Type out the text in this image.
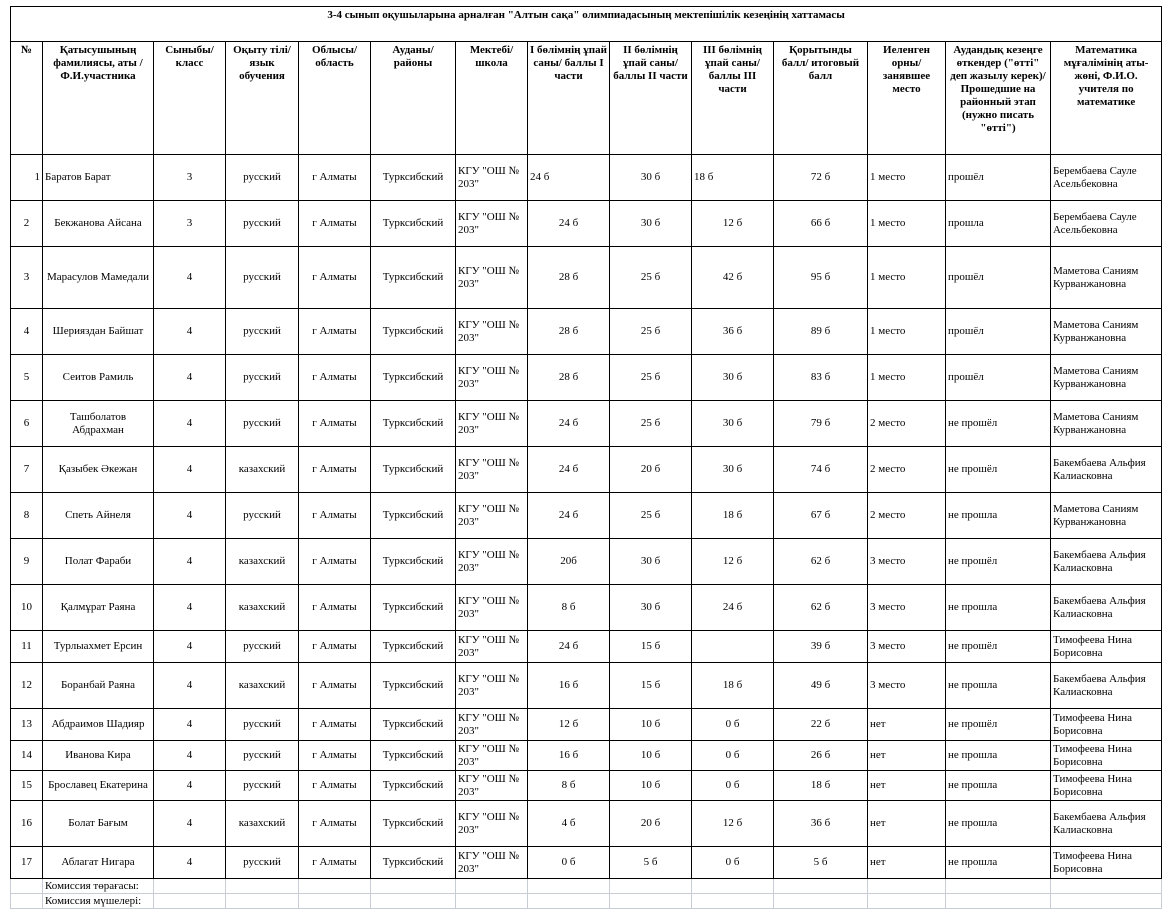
3-4 сынып оқушыларына арналған "Алтын сақа" олимпиадасының мектепішілік кезеңінің хаттамасы													
№	Қатысушының фамилиясы, аты /Ф.И.участника	Сыныбы/ класс	Оқыту тілі/ язык обучения	Облысы/ область	Ауданы/ районы	Мектебі/ школа	I бөлімнің ұпай саны/ баллы I части	II бөлімнің ұпай саны/ баллы II части	III бөлімнің ұпай саны/ баллы III части	Қорытынды балл/ итоговый балл	Иеленген орны/ занявшее место	Аудандық кезеңге өткендер ("өтті" деп жазылу керек)/ Прошедшие на районный этап (нужно писать "өтті")	Математика мұғалімінің аты-жөні, Ф.И.О. учителя по математике
1	Баратов Барат	3	русский	г Алматы	Турксибский	КГУ "ОШ № 203"	24 б	30 б	18 б	72 б	1 место	прошёл	Берембаева Сауле Асельбековна
2	Бекжанова Айсана	3	русский	г Алматы	Турксибский	КГУ "ОШ № 203"	24 б	30 б	12 б	66 б	1 место	прошла	Берембаева Сауле Асельбековна
3	Марасулов Мамедали	4	русский	г Алматы	Турксибский	КГУ "ОШ № 203"	28 б	25 б	42 б	95 б	1 место	прошёл	Маметова Саниям Курванжановна
4	Шерияздан Байшат	4	русский	г Алматы	Турксибский	КГУ "ОШ № 203"	28 б	25 б	36 б	89 б	1 место	прошёл	Маметова Саниям Курванжановна
5	Сеитов Рамиль	4	русский	г Алматы	Турксибский	КГУ "ОШ № 203"	28 б	25 б	30 б	83 б	1 место	прошёл	Маметова Саниям Курванжановна
6	Ташболатов Абдрахман	4	русский	г Алматы	Турксибский	КГУ "ОШ № 203"	24 б	25 б	30 б	79 б	2 место	не прошёл	Маметова Саниям Курванжановна
7	Қазыбек Әкежан	4	казахский	г Алматы	Турксибский	КГУ "ОШ № 203"	24 б	20 б	30 б	74 б	2 место	не прошёл	Бакембаева Альфия Калиасковна
8	Спеть Айнеля	4	русский	г Алматы	Турксибский	КГУ "ОШ № 203"	24 б	25 б	18 б	67 б	2 место	не прошла	Маметова Саниям Курванжановна
9	Полат Фараби	4	казахский	г Алматы	Турксибский	КГУ "ОШ № 203"	20б	30 б	12 б	62 б	3 место	не прошёл	Бакембаева Альфия Калиасковна
10	Қалмұрат Раяна	4	казахский	г Алматы	Турксибский	КГУ "ОШ № 203"	8 б	30 б	24 б	62 б	3 место	не прошла	Бакембаева Альфия Калиасковна
11	Турлыахмет Ерсин	4	русский	г Алматы	Турксибский	КГУ "ОШ № 203"	24 б	15 б		39 б	3 место	не прошёл	Тимофеева Нина Борисовна
12	Боранбай Раяна	4	казахский	г Алматы	Турксибский	КГУ "ОШ № 203"	16 б	15 б	18 б	49 б	3 место	не прошла	Бакембаева Альфия Калиасковна
13	Абдраимов Шадияр	4	русский	г Алматы	Турксибский	КГУ "ОШ № 203"	12 б	10 б	0 б	22 б	нет	не прошёл	Тимофеева Нина Борисовна
14	Иванова Кира	4	русский	г Алматы	Турксибский	КГУ "ОШ № 203"	16 б	10 б	0 б	26 б	нет	не прошла	Тимофеева Нина Борисовна
15	Брославец Екатерина	4	русский	г Алматы	Турксибский	КГУ "ОШ № 203"	8 б	10 б	0 б	18 б	нет	не прошла	Тимофеева Нина Борисовна
16	Болат Бағым	4	казахский	г Алматы	Турксибский	КГУ "ОШ № 203"	4 б	20 б	12 б	36 б	нет	не прошла	Бакембаева Альфия Калиасковна
17	Аблагат Нигара	4	русский	г Алматы	Турксибский	КГУ "ОШ № 203"	0 б	5 б	0 б	5 б	нет	не прошла	Тимофеева Нина Борисовна
	Комиссия төрағасы:												
	Комиссия мүшелері:												
